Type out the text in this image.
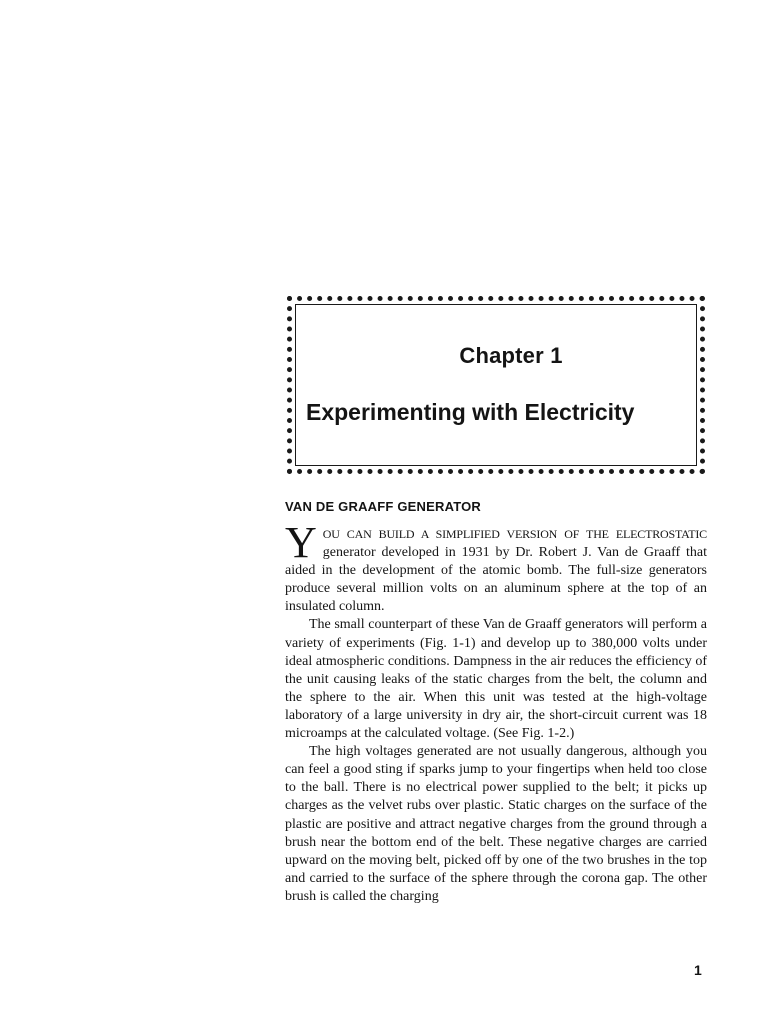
Chapter 1
Experimenting with Electricity
VAN DE GRAAFF GENERATOR

YOU CAN BUILD A SIMPLIFIED VERSION OF THE ELECTROSTATIC generator developed in 1931 by Dr. Robert J. Van de Graaff that aided in the development of the atomic bomb. The full-size generators produce several million volts on an aluminum sphere at the top of an insulated column.

The small counterpart of these Van de Graaff generators will perform a variety of experiments (Fig. 1-1) and develop up to 380,000 volts under ideal atmospheric conditions. Dampness in the air reduces the efficiency of the unit causing leaks of the static charges from the belt, the column and the sphere to the air. When this unit was tested at the high-voltage laboratory of a large university in dry air, the short-circuit current was 18 microamps at the calculated voltage. (See Fig. 1-2.)

The high voltages generated are not usually dangerous, although you can feel a good sting if sparks jump to your fingertips when held too close to the ball. There is no electrical power supplied to the belt; it picks up charges as the velvet rubs over plastic. Static charges on the surface of the plastic are positive and attract negative charges from the ground through a brush near the bottom end of the belt. These negative charges are carried upward on the moving belt, picked off by one of the two brushes in the top and carried to the surface of the sphere through the corona gap. The other brush is called the charging

1
